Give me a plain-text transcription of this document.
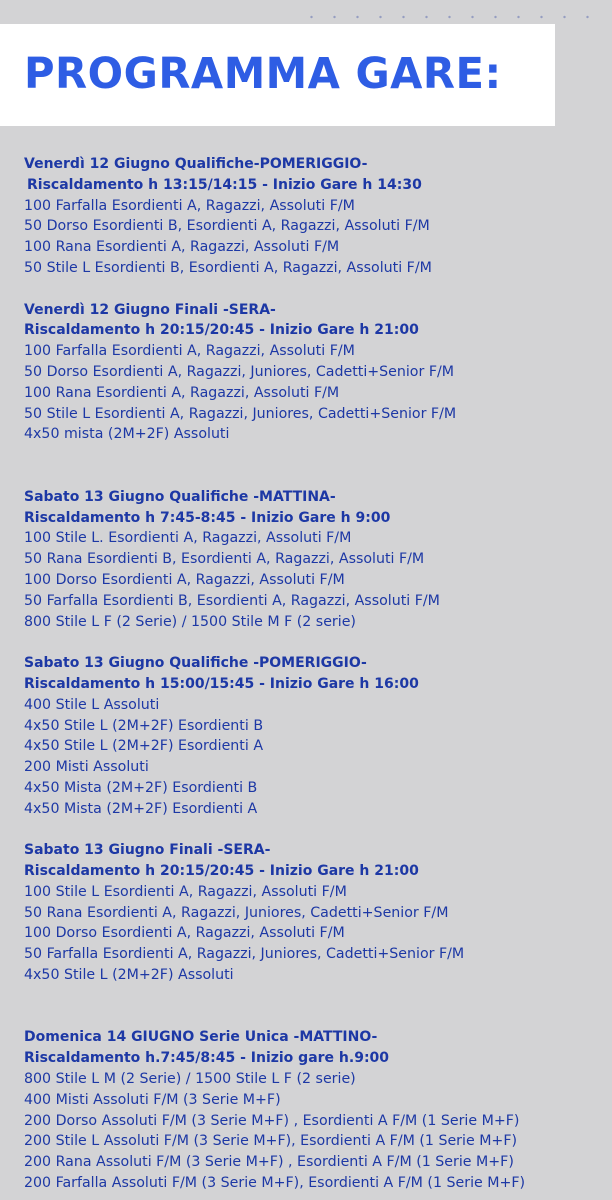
PROGRAMMA GARE:
Venerdì 12 Giugno Qualifiche-POMERIGGIO-
Riscaldamento h 13:15/14:15 - Inizio Gare h 14:30
100 Farfalla Esordienti A, Ragazzi, Assoluti F/M
50 Dorso Esordienti B, Esordienti A, Ragazzi, Assoluti F/M
100 Rana Esordienti A, Ragazzi, Assoluti F/M
50 Stile L Esordienti B, Esordienti A, Ragazzi, Assoluti F/M
Venerdì 12 Giugno Finali -SERA-
Riscaldamento h 20:15/20:45 - Inizio Gare h 21:00
100 Farfalla Esordienti A, Ragazzi, Assoluti F/M
50 Dorso Esordienti A, Ragazzi, Juniores, Cadetti+Senior F/M
100 Rana Esordienti A, Ragazzi, Assoluti F/M
50 Stile L Esordienti A, Ragazzi, Juniores, Cadetti+Senior F/M
4x50 mista (2M+2F) Assoluti
Sabato 13 Giugno Qualifiche -MATTINA-
Riscaldamento h 7:45-8:45 - Inizio Gare h 9:00
100 Stile L. Esordienti A, Ragazzi, Assoluti F/M
50 Rana Esordienti B, Esordienti A, Ragazzi, Assoluti F/M
100 Dorso Esordienti A, Ragazzi, Assoluti F/M
50 Farfalla Esordienti B, Esordienti A, Ragazzi, Assoluti F/M
800 Stile L F (2 Serie) / 1500 Stile M F (2 serie)
Sabato 13 Giugno Qualifiche -POMERIGGIO-
Riscaldamento h 15:00/15:45 - Inizio Gare h 16:00
400 Stile L Assoluti
4x50 Stile L (2M+2F) Esordienti B
4x50 Stile L (2M+2F) Esordienti A
200 Misti Assoluti
4x50 Mista (2M+2F) Esordienti B
4x50 Mista (2M+2F) Esordienti A
Sabato 13 Giugno Finali -SERA-
Riscaldamento h 20:15/20:45 - Inizio Gare h 21:00
100 Stile L Esordienti A, Ragazzi, Assoluti F/M
50 Rana Esordienti A, Ragazzi, Juniores, Cadetti+Senior F/M
100 Dorso Esordienti A, Ragazzi, Assoluti F/M
50 Farfalla Esordienti A, Ragazzi, Juniores, Cadetti+Senior F/M
4x50 Stile L (2M+2F) Assoluti
Domenica 14 GIUGNO Serie Unica -MATTINO-
Riscaldamento h.7:45/8:45 - Inizio gare h.9:00
800 Stile L M (2 Serie) / 1500 Stile L F (2 serie)
400 Misti Assoluti F/M (3 Serie M+F)
200 Dorso Assoluti F/M (3 Serie M+F) , Esordienti A F/M (1 Serie M+F)
200 Stile L Assoluti F/M (3 Serie M+F), Esordienti A F/M (1 Serie M+F)
200 Rana Assoluti F/M (3 Serie M+F) , Esordienti A F/M (1 Serie M+F)
200 Farfalla Assoluti F/M (3 Serie M+F), Esordienti A F/M (1 Serie M+F)
